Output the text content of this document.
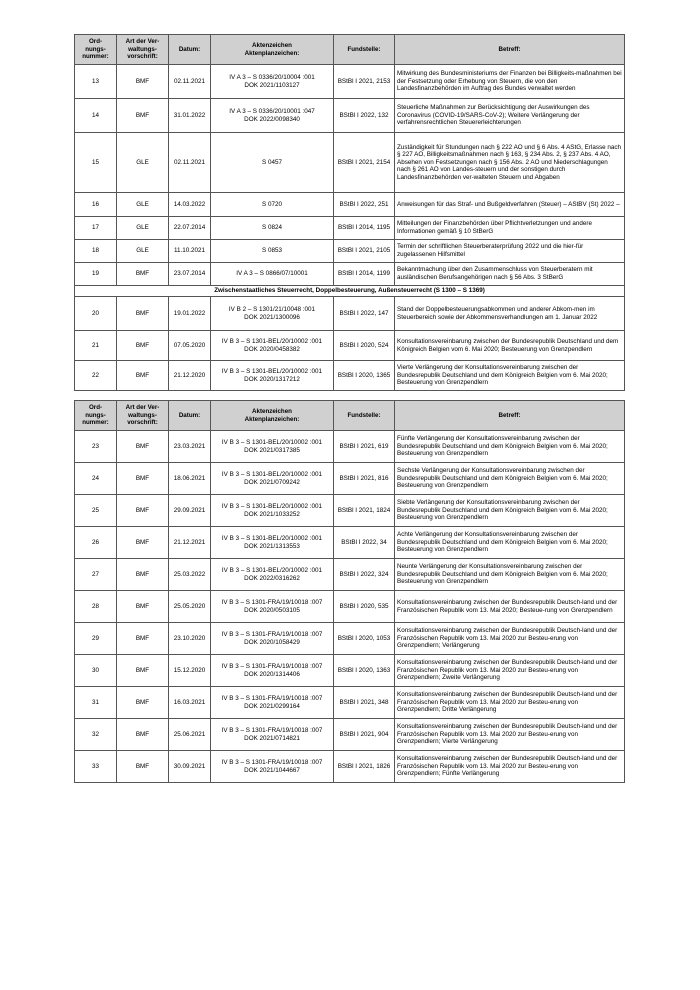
Ord-
nungs-
nummer:	Art der Ver-
waltungs-
vorschrift:	Datum:	Aktenzeichen
Aktenplanzeichen:	Fundstelle:	Betreff:
13	BMF	02.11.2021	IV A 3 – S 0336/20/10004 :001
DOK 2021/1103127	BStBl I 2021, 2153	Mitwirkung des Bundesministeriums der Finanzen bei Billigkeits-maßnahmen bei der Festsetzung oder Erhebung von Steuern, die von den Landesfinanzbehörden im Auftrag des Bundes verwaltet werden
14	BMF	31.01.2022	IV A 3 – S 0336/20/10001 :047
DOK 2022/0098340	BStBl I 2022, 132	Steuerliche Maßnahmen zur Berücksichtigung der Auswirkungen des Coronavirus (COVID-19/SARS-CoV-2); Weitere Verlängerung der verfahrensrechtlichen Steuererleichterungen
15	GLE	02.11.2021	S 0457	BStBl I 2021, 2154	Zuständigkeit für Stundungen nach § 222 AO und § 6 Abs. 4 AStG, Erlasse nach § 227 AO, Billigkeitsmaßnahmen nach § 163, § 234 Abs. 2, § 237 Abs. 4 AO, Absehen von Festsetzungen nach § 156 Abs. 2 AO und Niederschlagungen nach § 261 AO von Landes-steuern und der sonstigen durch Landesfinanzbehörden ver-walteten Steuern und Abgaben
16	GLE	14.03.2022	S 0720	BStBl I 2022, 251	Anweisungen für das Straf- und Bußgeldverfahren (Steuer) – AStBV (St) 2022 –
17	GLE	22.07.2014	S 0824	BStBl I 2014, 1195	Mitteilungen der Finanzbehörden über Pflichtverletzungen und andere Informationen gemäß § 10 StBerG
18	GLE	11.10.2021	S 0853	BStBl I 2021, 2105	Termin der schriftlichen Steuerberaterprüfung 2022 und die hier-für zugelassenen Hilfsmittel
19	BMF	23.07.2014	IV A 3 – S 0866/07/10001	BStBl I 2014, 1199	Bekanntmachung über den Zusammenschluss von Steuerberatern mit ausländischen Berufsangehörigen nach § 56 Abs. 3 StBerG
Zwischenstaatliches Steuerrecht, Doppelbesteuerung, Außensteuerrecht (S 1300 – S 1369)					
20	BMF	19.01.2022	IV B 2 – S 1301/21/10048 :001
DOK 2021/1300096	BStBl I 2022, 147	Stand der Doppelbesteuerungsabkommen und anderer Abkom-men im Steuerbereich sowie der Abkommensverhandlungen am 1. Januar 2022
21	BMF	07.05.2020	IV B 3 – S 1301-BEL/20/10002 :001
DOK 2020/0458382	BStBl I 2020, 524	Konsultationsvereinbarung zwischen der Bundesrepublik Deutschland und dem Königreich Belgien vom 6. Mai 2020; Besteuerung von Grenzpendlern
22	BMF	21.12.2020	IV B 3 – S 1301-BEL/20/10002 :001
DOK 2020/1317212	BStBl I 2020, 1365	Vierte Verlängerung der Konsultationsvereinbarung zwischen der Bundesrepublik Deutschland und dem Königreich Belgien vom 6. Mai 2020; Besteuerung von Grenzpendlern
Ord-
nungs-
nummer:	Art der Ver-
waltungs-
vorschrift:	Datum:	Aktenzeichen
Aktenplanzeichen:	Fundstelle:	Betreff:
23	BMF	23.03.2021	IV B 3 – S 1301-BEL/20/10002 :001
DOK 2021/0317385	BStBl I 2021, 619	Fünfte Verlängerung der Konsultationsvereinbarung zwischen der Bundesrepublik Deutschland und dem Königreich Belgien vom 6. Mai 2020; Besteuerung von Grenzpendlern
24	BMF	18.06.2021	IV B 3 – S 1301-BEL/20/10002 :001
DOK 2021/0709242	BStBl I 2021, 816	Sechste Verlängerung der Konsultationsvereinbarung zwischen der Bundesrepublik Deutschland und dem Königreich Belgien vom 6. Mai 2020; Besteuerung von Grenzpendlern
25	BMF	29.09.2021	IV B 3 – S 1301-BEL/20/10002 :001
DOK 2021/1033252	BStBl I 2021, 1824	Siebte Verlängerung der Konsultationsvereinbarung zwischen der Bundesrepublik Deutschland und dem Königreich Belgien vom 6. Mai 2020; Besteuerung von Grenzpendlern
26	BMF	21.12.2021	IV B 3 – S 1301-BEL/20/10002 :001
DOK 2021/1313553	BStBl I 2022, 34	Achte Verlängerung der Konsultationsvereinbarung zwischen der Bundesrepublik Deutschland und dem Königreich Belgien vom 6. Mai 2020; Besteuerung von Grenzpendlern
27	BMF	25.03.2022	IV B 3 – S 1301-BEL/20/10002 :001
DOK 2022/0316262	BStBl I 2022, 324	Neunte Verlängerung der Konsultationsvereinbarung zwischen der Bundesrepublik Deutschland und dem Königreich Belgien vom 6. Mai 2020; Besteuerung von Grenzpendlern
28	BMF	25.05.2020	IV B 3 – S 1301-FRA/19/10018 :007
DOK 2020/0503105	BStBl I 2020, 535	Konsultationsvereinbarung zwischen der Bundesrepublik Deutsch-land und der Französischen Republik vom 13. Mai 2020; Besteue-rung von Grenzpendlern
29	BMF	23.10.2020	IV B 3 – S 1301-FRA/19/10018 :007
DOK 2020/1058429	BStBl I 2020, 1053	Konsultationsvereinbarung zwischen der Bundesrepublik Deutsch-land und der Französischen Republik vom 13. Mai 2020 zur Besteu-erung von Grenzpendlern; Verlängerung
30	BMF	15.12.2020	IV B 3 – S 1301-FRA/19/10018 :007
DOK 2020/1314406	BStBl I 2020, 1363	Konsultationsvereinbarung zwischen der Bundesrepublik Deutsch-land und der Französischen Republik vom 13. Mai 2020 zur Besteu-erung von Grenzpendlern; Zweite Verlängerung
31	BMF	16.03.2021	IV B 3 – S 1301-FRA/19/10018 :007
DOK 2021/0299164	BStBl I 2021, 348	Konsultationsvereinbarung zwischen der Bundesrepublik Deutsch-land und der Französischen Republik vom 13. Mai 2020 zur Besteu-erung von Grenzpendlern; Dritte Verlängerung
32	BMF	25.06.2021	IV B 3 – S 1301-FRA/19/10018 :007
DOK 2021/0714821	BStBl I 2021, 904	Konsultationsvereinbarung zwischen der Bundesrepublik Deutsch-land und der Französischen Republik vom 13. Mai 2020 zur Besteu-erung von Grenzpendlern; Vierte Verlängerung
33	BMF	30.09.2021	IV B 3 – S 1301-FRA/19/10018 :007
DOK 2021/1044667	BStBl I 2021, 1826	Konsultationsvereinbarung zwischen der Bundesrepublik Deutsch-land und der Französischen Republik vom 13. Mai 2020 zur Besteu-erung von Grenzpendlern; Fünfte Verlängerung
